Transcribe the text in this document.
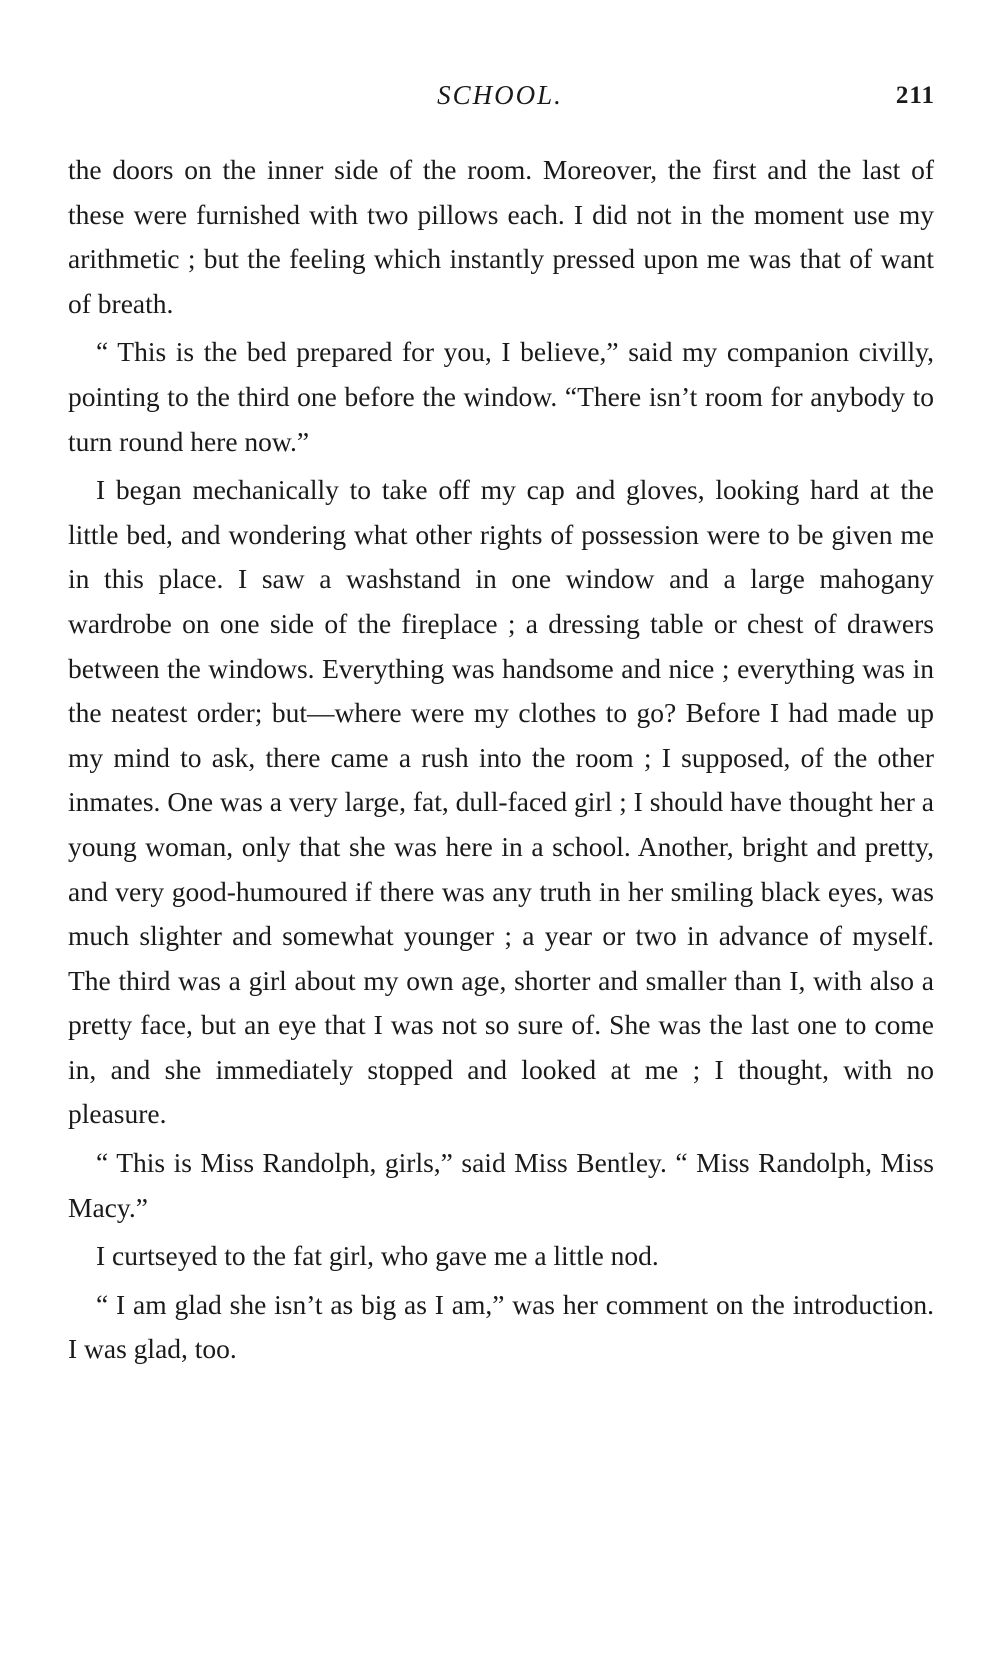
SCHOOL.	211

the doors on the inner side of the room. Moreover, the first and the last of these were furnished with two pillows each. I did not in the moment use my arithmetic ; but the feeling which instantly pressed upon me was that of want of breath.

“ This is the bed prepared for you, I believe,” said my companion civilly, pointing to the third one before the window. “There isn’t room for anybody to turn round here now.”

I began mechanically to take off my cap and gloves, looking hard at the little bed, and wondering what other rights of possession were to be given me in this place. I saw a washstand in one window and a large mahogany wardrobe on one side of the fireplace ; a dressing table or chest of drawers between the windows. Everything was handsome and nice ; everything was in the neatest order; but—where were my clothes to go? Before I had made up my mind to ask, there came a rush into the room ; I supposed, of the other inmates. One was a very large, fat, dull-faced girl ; I should have thought her a young woman, only that she was here in a school. Another, bright and pretty, and very good-humoured if there was any truth in her smiling black eyes, was much slighter and somewhat younger ; a year or two in advance of myself. The third was a girl about my own age, shorter and smaller than I, with also a pretty face, but an eye that I was not so sure of. She was the last one to come in, and she immediately stopped and looked at me ; I thought, with no pleasure.

“ This is Miss Randolph, girls,” said Miss Bentley. “ Miss Randolph, Miss Macy.”

I curtseyed to the fat girl, who gave me a little nod.

“ I am glad she isn’t as big as I am,” was her comment on the introduction. I was glad, too.
